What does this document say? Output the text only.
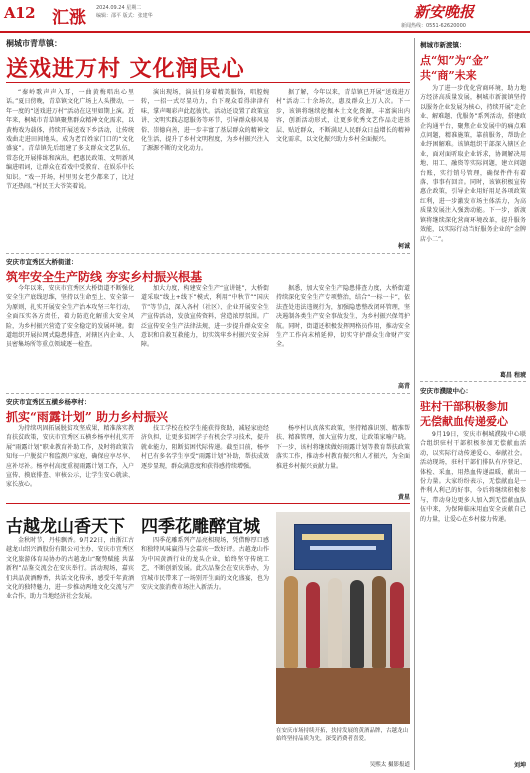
A12 汇涨 2024.09.24 星期二
编辑：邵平 版式：张建华	新安晚报
新闻热线：0551-62620000
桐城市青草镇：
送戏进万村 文化润民心

“秦岭歌声声入耳，一曲黄梅唱出心里话。”夏日傍晚，青草镇文化广场上人头攒动，一年一度的“送戏进万村”活动在这里如期上演。近年来，桐城市青草镇聚焦群众精神文化需求，以黄梅戏为载体，持续开展送戏下乡活动，让传统戏曲走进田间地头，成为老百姓家门口的“文化盛宴”。青草镇先后组建了多支群众文艺队伍，常态化开展排练和演出，把惠民政策、文明新风编进唱词，让群众在看戏中受教育、在娱乐中长知识。“戏一开场，村里男女老少都来了，比过节还热闹。”村民王大爷笑着说。

演出现场，演员们身着精美服饰，唱腔婉转，一招一式尽显功力，台下观众看得津津有味，掌声喝彩声此起彼伏。活动还设置了政策宣讲、文明实践志愿服务等环节，引导群众移风易俗、崇德向善，进一步丰富了基层群众的精神文化生活，提升了乡村文明程度，为乡村振兴注入了源源不断的文化动力。

据了解，今年以来，青草镇已开展“送戏进万村”活动二十余场次，惠及群众上万人次。下一步，该镇将继续挖掘本土文化资源，丰富演出内容，创新活动形式，让更多优秀文艺作品走进基层、贴近群众，不断满足人民群众日益增长的精神文化需求，以文化振兴助力乡村全面振兴。

柯诚
安庆市宜秀区大桥街道：
筑牢安全生产防线 夯实乡村振兴根基

今年以来，安庆市宜秀区大桥街道不断强化安全生产底线思维，坚持以生命至上、安全第一为原则，扎实开展安全生产治本攻坚三年行动，全面压实各方责任，着力防范化解重大安全风险，为乡村振兴营造了安全稳定的发展环境。街道组织开展拉网式隐患排查，对辖区内企业、人员密集场所等重点领域逐一检查。

加大力度，构建安全生产“宣讲链”，大桥街道采取“线上+线下”模式，利用“中秋节”“国庆节”等节点，深入各村（社区）、企业开展安全生产宣传活动，发放宣传资料，营造浓厚氛围。广泛宣传安全生产法律法规，进一步提升群众安全意识和自救互救能力，切实筑牢乡村振兴安全屏障。

据悉，加大安全生产隐患排查力度，大桥街道持续深化安全生产专项整治，结合“一标一卡”，依法查处违法违规行为，加强隐患整改闭环管理，坚决遏制各类生产安全事故发生，为乡村振兴保驾护航。同时，街道还积极发挥网格员作用，推动安全生产工作向末梢延伸，切实守护群众生命财产安全。

高青
安庆市宜秀区五横乡杨亭村：
抓实“雨露计划” 助力乡村振兴

为持续巩固拓展脱贫攻坚成果，精准落实教育扶贫政策，安庆市宜秀区五横乡杨亭村扎实开展“雨露计划”职业教育补助工作，及时将政策告知每一户脱贫户和监测户家庭，确保应享尽享、应补尽补。杨亭村高度重视雨露计划工作，入户宣传、摸底排查、审核公示，让学生安心就读、家长放心。

技工学校在校学生能获得资助，减轻家庭经济负担，让更多贫困学子有机会学习技术，提升就业能力，阻断贫困代际传递。截至目前，杨亭村已有多名学生享受“雨露计划”补助，帮扶成效逐步显现，群众满意度和获得感持续增强。

杨亭村认真落实政策，坚持精准识别、精准帮扶、精准管理，加大宣传力度，让政策家喻户晓。下一步，该村将继续做好雨露计划等教育帮扶政策落实工作，推动乡村教育振兴和人才振兴，为全面推进乡村振兴贡献力量。

黄星
古越龙山香天下

金秋时节，丹桂飘香。9月22日，由浙江古越龙山绍兴酒股份有限公司主办、安庆市宜秀区文化旅游体育局协办的古越龙山“聚势赋能 共谋新程”品鉴交流会在安庆举行。活动现场，嘉宾们共品黄酒醇香，共话文化传承，感受千年黄酒文化的独特魅力，进一步推动两地文化交流与产业合作，助力当地经济社会发展。

四季花雕醉宜城

四季花雕系列产品亮相现场，凭借醇厚口感和独特风味赢得与会嘉宾一致好评。古越龙山作为中国黄酒行业的龙头企业，始终坚守传统工艺，不断创新发展。此次品鉴会在安庆举办，为宜城市民带来了一场别开生面的文化盛宴，也为安庆文旅消费市场注入新活力。

在安庆市场持续开拓，扶持发展的黄酒品牌，古越龙山始终坚持品质为先，深受消费者喜爱。
吴熙太 摄影报道
桐城市新渡镇：
点“知”为“金”
共“商”未来

为了进一步优化营商环境，助力地方经济高质量发展，桐城市新渡镇坚持以服务企业发展为核心，持续开展“走企业、解难题、优服务”系列活动，搭建政企沟通平台，聚焦企业发展中的痛点难点问题，精准施策，靠前服务，帮助企业纾困解难。该镇组织干部深入辖区企业，面对面听取企业诉求，协调解决用地、用工、融资等实际问题，建立问题台账，实行销号管理，确保件件有着落、事事有回音。同时，该镇积极宣传惠企政策，引导企业用好用足各项政策红利，进一步激发市场主体活力，为高质量发展注入强劲动能。下一步，新渡镇将继续深化营商环境改革，提升服务效能，以实际行动当好服务企业的“金牌店小二”。

葛昌 程琥
安庆市濮陵中心：
驻村干部积极参加
无偿献血传递爱心

9月19日，安庆市桐城濮陵中心联合组织驻村干部积极参加无偿献血活动，以实际行动传递爱心、奉献社会。活动现场，驻村干部们排队有序登记、体检、采血，用热血传递温暖，献出一份力量。大家纷纷表示，无偿献血是一件利人利己的好事，今后将继续积极参与，带动身边更多人加入到无偿献血队伍中来，为保障临床用血安全贡献自己的力量，让爱心在乡村接力传递。

刘坤
